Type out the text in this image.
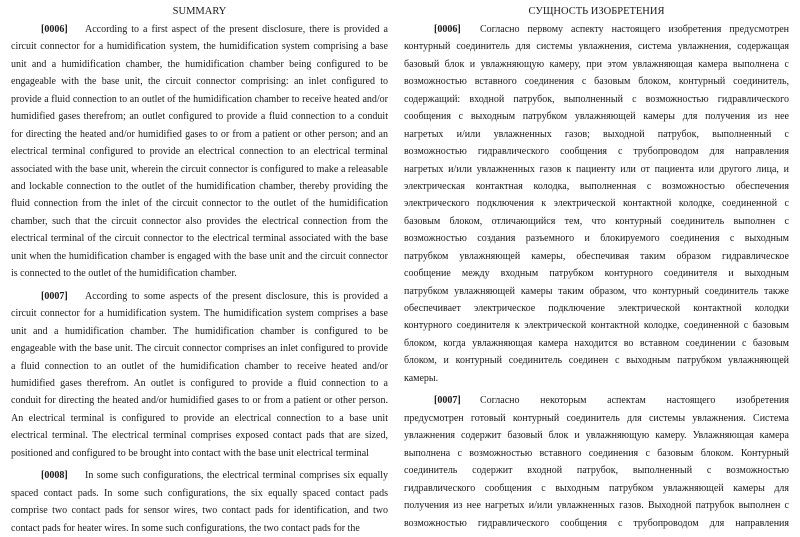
SUMMARY
[0006]	According to a first aspect of the present disclosure, there is provided a
circuit connector for a humidification system, the humidification system comprising a base
unit and a humidification chamber, the humidification chamber being configured to be
engageable with the base unit, the circuit connector comprising: an inlet configured to
provide a fluid connection to an outlet of the humidification chamber to receive heated and/or
humidified gases therefrom; an outlet configured to provide a fluid connection to a conduit
for directing the heated and/or humidified gases to or from a patient or other person; and an
electrical terminal configured to provide an electrical connection to an electrical terminal
associated with the base unit, wherein the circuit connector is configured to make a releasable
and lockable connection to the outlet of the humidification chamber, thereby providing the
fluid connection from the inlet of the circuit connector to the outlet of the humidification
chamber, such that the circuit connector also provides the electrical connection from the
electrical terminal of the circuit connector to the electrical terminal associated with the base
unit when the humidification chamber is engaged with the base unit and the circuit connector
is connected to the outlet of the humidification chamber.
[0007]	According to some aspects of the present disclosure, this is provided a
circuit connector for a humidification system. The humidification system comprises a base
unit and a humidification chamber. The humidification chamber is configured to be
engageable with the base unit. The circuit connector comprises an inlet configured to provide
a fluid connection to an outlet of the humidification chamber to receive heated and/or
humidified gases therefrom. An outlet is configured to provide a fluid connection to a
conduit for directing the heated and/or humidified gases to or from a patient or other person.
An electrical terminal is configured to provide an electrical connection to a base unit
electrical terminal. The electrical terminal comprises exposed contact pads that are sized,
positioned and configured to be brought into contact with the base unit electrical terminal
[0008]	In some such configurations, the electrical terminal comprises six equally
spaced contact pads. In some such configurations, the six equally spaced contact pads
comprise two contact pads for sensor wires, two contact pads for identification, and two
contact pads for heater wires. In some such configurations, the two contact pads for the
СУЩНОСТЬ ИЗОБРЕТЕНИЯ
[0006]	Согласно первому аспекту настоящего изобретения предусмотрен
контурный соединитель для системы увлажнения, система увлажнения, содержащая
базовый блок и увлажняющую камеру, при этом увлажняющая камера выполнена с
возможностью вставного соединения с базовым блоком, контурный соединитель,
содержащий: входной патрубок, выполненный с возможностью гидравлического
сообщения с выходным патрубком увлажняющей камеры для получения из нее
нагретых и/или увлажненных газов; выходной патрубок, выполненный с
возможностью гидравлического сообщения с трубопроводом для направления
нагретых и/или увлажненных газов к пациенту или от пациента или другого лица, и
электрическая контактная колодка, выполненная с возможностью обеспечения
электрического подключения к электрической контактной колодке, соединенной с
базовым блоком, отличающийся тем, что контурный соединитель выполнен с
возможностью создания разъемного и блокируемого соединения с выходным
патрубком увлажняющей камеры, обеспечивая таким образом гидравлическое
сообщение между входным патрубком контурного соединителя и выходным
патрубком увлажняющей камеры таким образом, что контурный соединитель также
обеспечивает электрическое подключение электрической контактной колодки
контурного соединителя к электрической контактной колодке, соединенной с базовым
блоком, когда увлажняющая камера находится во вставном соединении с базовым
блоком, и контурный соединитель соединен с выходным патрубком увлажняющей
камеры.
[0007]	Согласно некоторым аспектам настоящего изобретения
предусмотрен готовый контурный соединитель для системы увлажнения. Система
увлажнения содержит базовый блок и увлажняющую камеру. Увлажняющая камера
выполнена с возможностью вставного соединения с базовым блоком. Контурный
соединитель содержит входной патрубок, выполненный с возможностью
гидравлического сообщения с выходным патрубком увлажняющей камеры для
получения из нее нагретых и/или увлажненных газов. Выходной патрубок выполнен с
возможностью гидравлического сообщения с трубопроводом для направления
